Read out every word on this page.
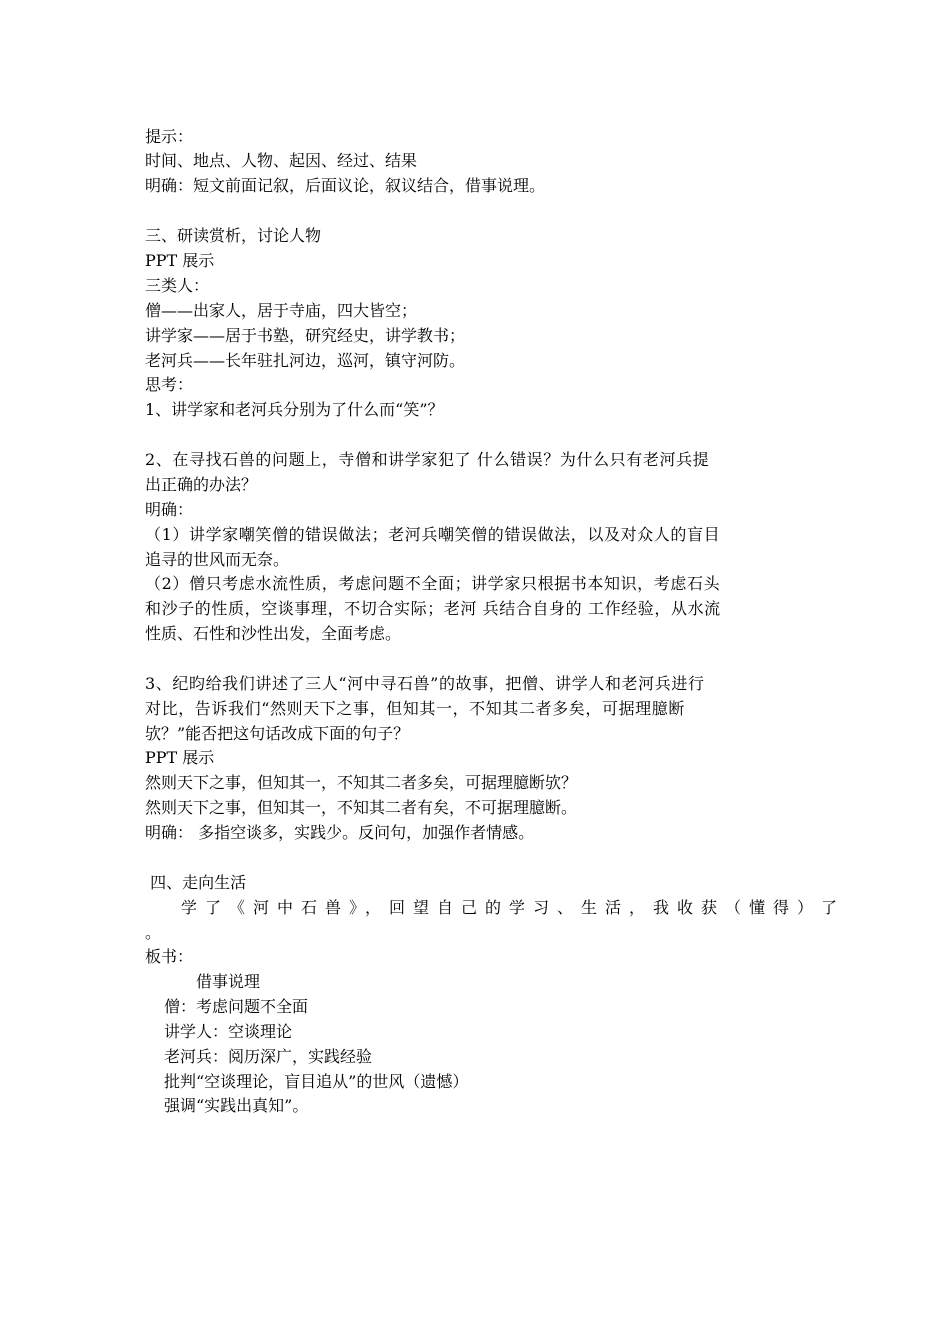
提示：
时间、地点、人物、起因、经过、结果
明确：短文前面记叙，后面议论，叙议结合，借事说理。
三、研读赏析，讨论人物
PPT 展示
三类人：
僧——出家人，居于寺庙，四大皆空；
讲学家——居于书塾，研究经史，讲学教书；
老河兵——长年驻扎河边，巡河，镇守河防。
思考：
1、讲学家和老河兵分别为了什么而“笑”？
2、在寻找石兽的问题上，寺僧和讲学家犯了 什么错误？为什么只有老河兵提
出正确的办法？
明确：
（1）讲学家嘲笑僧的错误做法；老河兵嘲笑僧的错误做法，以及对众人的盲目
追寻的世风而无奈。
（2）僧只考虑水流性质，考虑问题不全面；讲学家只根据书本知识，考虑石头
和沙子的性质，空谈事理，不切合实际；老河 兵结合自身的 工作经验，从水流
性质、石性和沙性出发，全面考虑。
3、纪昀给我们讲述了三人“河中寻石兽”的故事，把僧、讲学人和老河兵进行
对比，告诉我们“然则天下之事，但知其一，不知其二者多矣，可据理臆断
欤？”能否把这句话改成下面的句子？
PPT 展示
然则天下之事，但知其一，不知其二者多矣，可据理臆断欤？
然则天下之事，但知其一，不知其二者有矣，不可据理臆断。
明确： 多指空谈多，实践少。反问句，加强作者情感。
四、走向生活
学了《河中石兽》，回望自己的学习、生活，我收获（懂得）了
。
板书：
借事说理
僧：考虑问题不全面
讲学人：空谈理论
老河兵：阅历深广，实践经验
批判“空谈理论，盲目追从”的世风（遗憾）
强调“实践出真知”。
